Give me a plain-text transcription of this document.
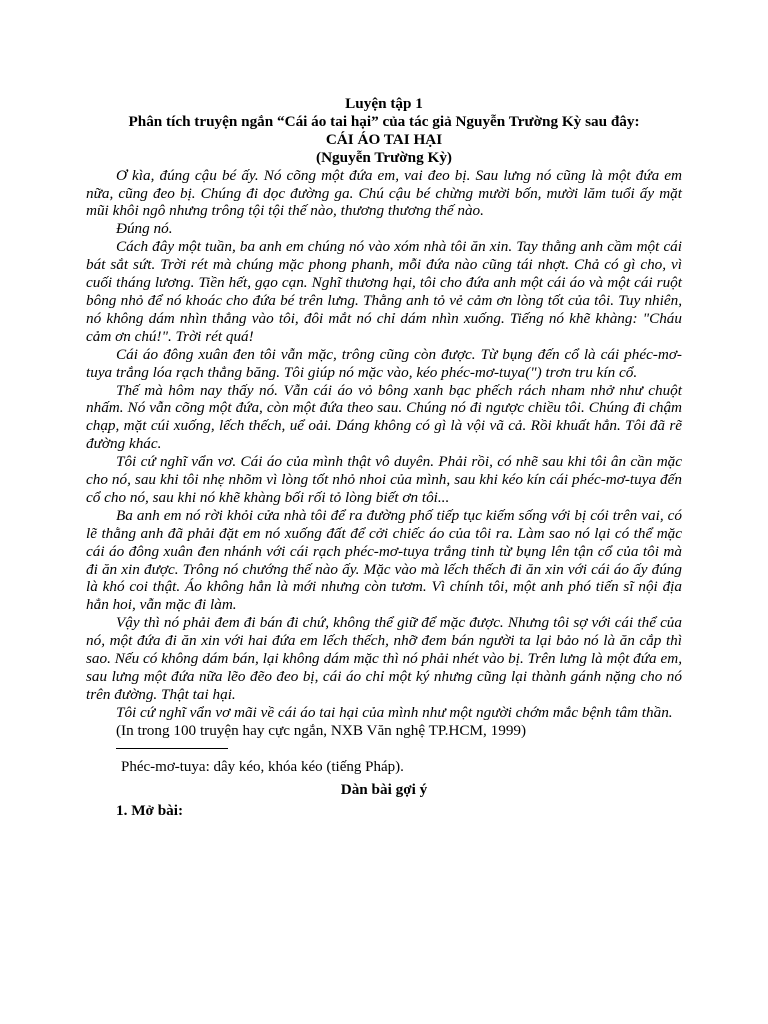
Luyện tập 1
Phân tích truyện ngắn “Cái áo tai hại” của tác giả Nguyễn Trường Kỳ sau đây:
CÁI ÁO TAI HẠI
(Nguyễn Trường Kỳ)

Ơ kìa, đúng cậu bé ấy. Nó cõng một đứa em, vai đeo bị. Sau lưng nó cũng là một đứa em nữa, cũng đeo bị. Chúng đi dọc đường ga. Chú cậu bé chừng mười bốn, mười lăm tuổi ấy mặt mũi khôi ngô nhưng trông tội tội thế nào, thương thương thế nào.

Đúng nó.

Cách đây một tuần, ba anh em chúng nó vào xóm nhà tôi ăn xin. Tay thằng anh cầm một cái bát sắt sứt. Trời rét mà chúng mặc phong phanh, mỗi đứa nào cũng tái nhợt. Chả có gì cho, vì cuối tháng lương. Tiền hết, gạo cạn. Nghĩ thương hại, tôi cho đứa anh một cái áo và một cái ruột bông nhỏ để nó khoác cho đứa bé trên lưng. Thằng anh tỏ vẻ cảm ơn lòng tốt của tôi. Tuy nhiên, nó không dám nhìn thẳng vào tôi, đôi mắt nó chỉ dám nhìn xuống. Tiếng nó khẽ khàng: "Cháu cảm ơn chú!". Trời rét quá!

Cái áo đông xuân đen tôi vẫn mặc, trông cũng còn được. Từ bụng đến cổ là cái phéc-mơ-tuya trắng lóa rạch thẳng băng. Tôi giúp nó mặc vào, kéo phéc-mơ-tuya(") trơn tru kín cổ.

Thế mà hôm nay thấy nó. Vẫn cái áo vỏ bông xanh bạc phếch rách nham nhở như chuột nhấm. Nó vẫn cõng một đứa, còn một đứa theo sau. Chúng nó đi ngược chiều tôi. Chúng đi chậm chạp, mặt cúi xuống, lếch thếch, uể oải. Dáng không có gì là vội vã cả. Rồi khuất hẳn. Tôi đã rẽ đường khác.

Tôi cứ nghĩ vẩn vơ. Cái áo của mình thật vô duyên. Phải rồi, có nhẽ sau khi tôi ân cần mặc cho nó, sau khi tôi nhẹ nhõm vì lòng tốt nhỏ nhoi của mình, sau khi kéo kín cái phéc-mơ-tuya đến cổ cho nó, sau khi nó khẽ khàng bối rối tỏ lòng biết ơn tôi...

Ba anh em nó rời khỏi cửa nhà tôi để ra đường phố tiếp tục kiếm sống với bị cói trên vai, có lẽ thằng anh đã phải đặt em nó xuống đất để cởi chiếc áo của tôi ra. Làm sao nó lại có thể mặc cái áo đông xuân đen nhánh với cái rạch phéc-mơ-tuya trắng tinh từ bụng lên tận cổ của tôi mà đi ăn xin được. Trông nó chướng thế nào ấy. Mặc vào mà lếch thếch đi ăn xin với cái áo ấy đúng là khó coi thật. Áo không hẳn là mới nhưng còn tươm. Vì chính tôi, một anh phó tiến sĩ nội địa hẳn hoi, vẫn mặc đi làm.

Vậy thì nó phải đem đi bán đi chứ, không thể giữ để mặc được. Nhưng tôi sợ với cái thể của nó, một đứa đi ăn xin với hai đứa em lếch thếch, nhỡ đem bán người ta lại bảo nó là ăn cắp thì sao. Nếu có không dám bán, lại không dám mặc thì nó phải nhét vào bị. Trên lưng là một đứa em, sau lưng một đứa nữa lẽo đẽo đeo bị, cái áo chỉ một ký nhưng cũng lại thành gánh nặng cho nó trên đường. Thật tai hại.

Tôi cứ nghĩ vẩn vơ mãi về cái áo tai hại của mình như một người chớm mắc bệnh tâm thần.

(In trong 100 truyện hay cực ngắn, NXB Văn nghệ TP.HCM, 1999)

Phéc-mơ-tuya: dây kéo, khóa kéo (tiếng Pháp).

Dàn bài gợi ý
1. Mở bài:
